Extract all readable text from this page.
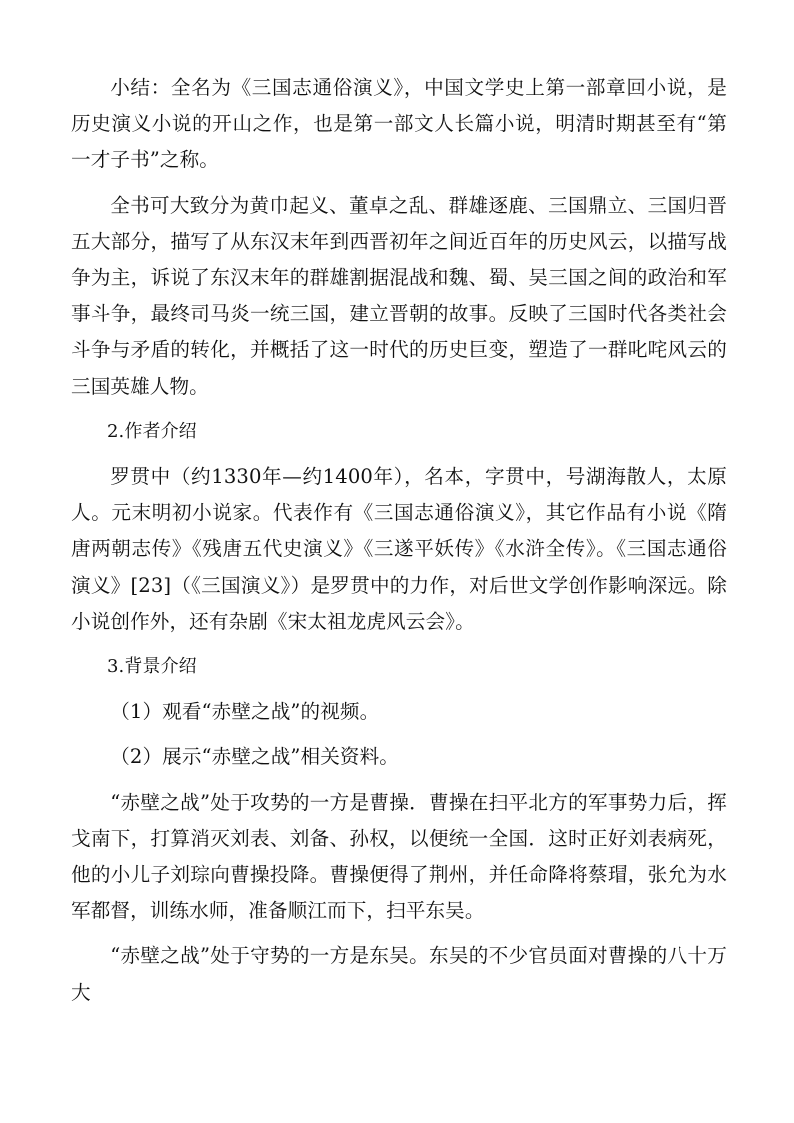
小结：全名为《三国志通俗演义》，中国文学史上第一部章回小说，是历史演义小说的开山之作，也是第一部文人长篇小说，明清时期甚至有“第一才子书”之称。

全书可大致分为黄巾起义、董卓之乱、群雄逐鹿、三国鼎立、三国归晋五大部分，描写了从东汉末年到西晋初年之间近百年的历史风云，以描写战争为主，诉说了东汉末年的群雄割据混战和魏、蜀、吴三国之间的政治和军事斗争，最终司马炎一统三国，建立晋朝的故事。反映了三国时代各类社会斗争与矛盾的转化，并概括了这一时代的历史巨变，塑造了一群叱咤风云的三国英雄人物。

2.作者介绍

罗贯中（约1330年—约1400年），名本，字贯中，号湖海散人，太原人。元末明初小说家。代表作有《三国志通俗演义》，其它作品有小说《隋唐两朝志传》《残唐五代史演义》《三遂平妖传》《水浒全传》。《三国志通俗演义》[23]（《三国演义》）是罗贯中的力作，对后世文学创作影响深远。除小说创作外，还有杂剧《宋太祖龙虎风云会》。

3.背景介绍

（1）观看“赤壁之战”的视频。

（2）展示“赤壁之战”相关资料。

“赤壁之战”处于攻势的一方是曹操．曹操在扫平北方的军事势力后，挥戈南下，打算消灭刘表、刘备、孙权，以便统一全国．这时正好刘表病死，他的小儿子刘琮向曹操投降。曹操便得了荆州，并任命降将蔡瑁，张允为水军都督，训练水师，准备顺江而下，扫平东吴。

“赤壁之战”处于守势的一方是东吴。东吴的不少官员面对曹操的八十万大
